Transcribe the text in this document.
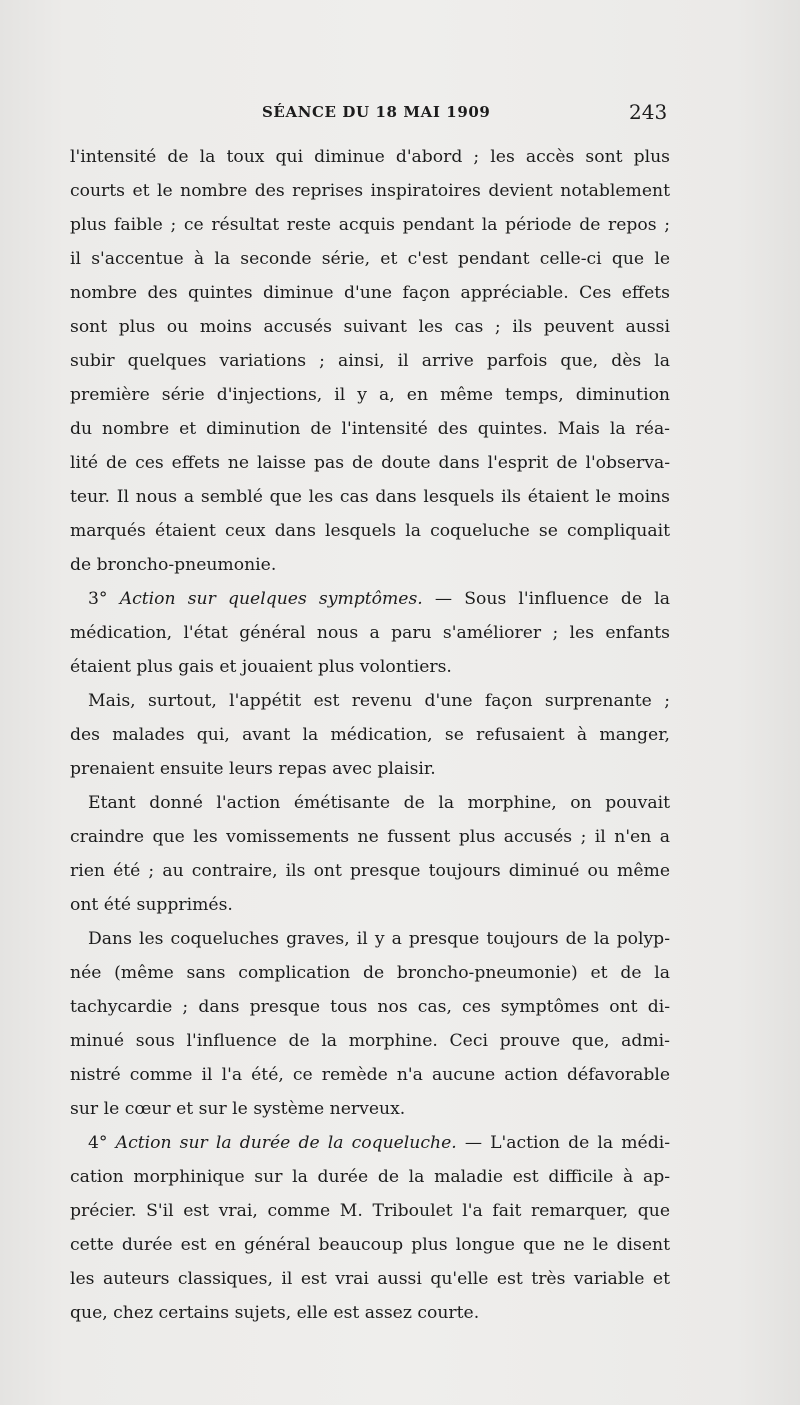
SÉANCE DU 18 MAI 1909	243
l'intensité de la toux qui diminue d'abord ; les accès sont plus
courts et le nombre des reprises inspiratoires devient notablement
plus faible ; ce résultat reste acquis pendant la période de repos ;
il s'accentue à la seconde série, et c'est pendant celle-ci que le
nombre des quintes diminue d'une façon appréciable. Ces effets
sont plus ou moins accusés suivant les cas ; ils peuvent aussi
subir quelques variations ; ainsi, il arrive parfois que, dès la
première série d'injections, il y a, en même temps, diminution
du nombre et diminution de l'intensité des quintes. Mais la réa-
lité de ces effets ne laisse pas de doute dans l'esprit de l'observa-
teur. Il nous a semblé que les cas dans lesquels ils étaient le moins
marqués étaient ceux dans lesquels la coqueluche se compliquait
de broncho-pneumonie.
3° Action sur quelques symptômes. — Sous l'influence de la
médication, l'état général nous a paru s'améliorer ; les enfants
étaient plus gais et jouaient plus volontiers.
Mais, surtout, l'appétit est revenu d'une façon surprenante ;
des malades qui, avant la médication, se refusaient à manger,
prenaient ensuite leurs repas avec plaisir.
Etant donné l'action émétisante de la morphine, on pouvait
craindre que les vomissements ne fussent plus accusés ; il n'en a
rien été ; au contraire, ils ont presque toujours diminué ou même
ont été supprimés.
Dans les coqueluches graves, il y a presque toujours de la polyp-
née (même sans complication de broncho-pneumonie) et de la
tachycardie ; dans presque tous nos cas, ces symptômes ont di-
minué sous l'influence de la morphine. Ceci prouve que, admi-
nistré comme il l'a été, ce remède n'a aucune action défavorable
sur le cœur et sur le système nerveux.
4° Action sur la durée de la coqueluche. — L'action de la médi-
cation morphinique sur la durée de la maladie est difficile à ap-
précier. S'il est vrai, comme M. Triboulet l'a fait remarquer, que
cette durée est en général beaucoup plus longue que ne le disent
les auteurs classiques, il est vrai aussi qu'elle est très variable et
que, chez certains sujets, elle est assez courte.
